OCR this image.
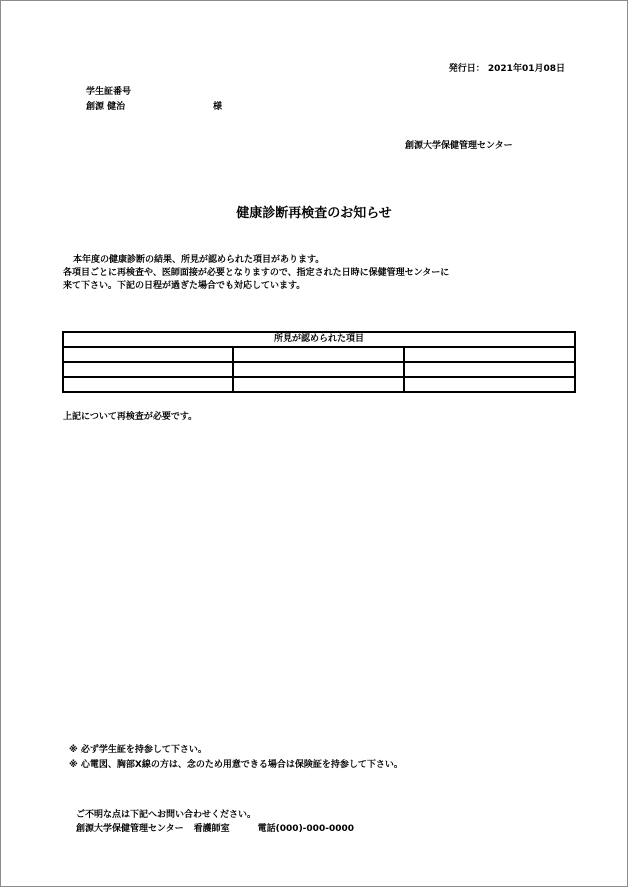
発行日： 2021年01月08日
学生証番号
創源 健治	様
創源大学保健管理センター
健康診断再検査のお知らせ
本年度の健康診断の結果、所見が認められた項目があります。
各項目ごとに再検査や、医師面接が必要となりますので、指定された日時に保健管理センターに
来て下さい。下記の日程が過ぎた場合でも対応しています。
所見が認められた項目		

上記について再検査が必要です。
※ 必ず学生証を持参して下さい。
※ 心電図、胸部X線の方は、念のため用意できる場合は保険証を持参して下さい。
ご不明な点は下記へお問い合わせください。
創源大学保健管理センター 看護師室	電話(000)-000-0000
